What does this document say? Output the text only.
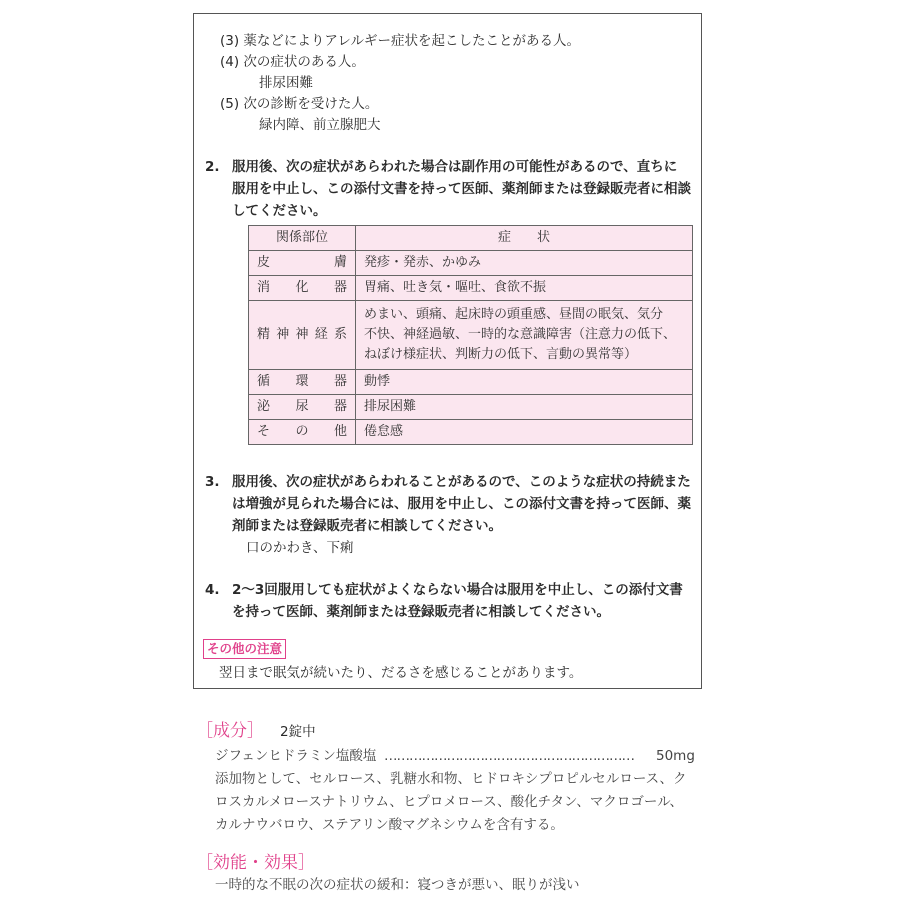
(3) 薬などによりアレルギー症状を起こしたことがある人。
(4) 次の症状のある人。
排尿困難
(5) 次の診断を受けた人。
緑内障、前立腺肥大
2. 服用後、次の症状があらわれた場合は副作用の可能性があるので、直ちに
服用を中止し、この添付文書を持って医師、薬剤師または登録販売者に相談
してください。
関係部位	症　　状
皮　　膚	発疹・発赤、かゆみ
消　化　器	胃痛、吐き気・嘔吐、食欲不振
精神神経系	めまい、頭痛、起床時の頭重感、昼間の眠気、気分
不快、神経過敏、一時的な意識障害（注意力の低下、
ねぼけ様症状、判断力の低下、言動の異常等）

循　環　器	動悸
泌　尿　器	排尿困難
そ　の　他	倦怠感
3. 服用後、次の症状があらわれることがあるので、このような症状の持続また
は増強が見られた場合には、服用を中止し、この添付文書を持って医師、薬
剤師または登録販売者に相談してください。
口のかわき、下痢
4. 2～3回服用しても症状がよくならない場合は服用を中止し、この添付文書
を持って医師、薬剤師または登録販売者に相談してください。
その他の注意
翌日まで眠気が続いたり、だるさを感じることがあります。
［成分］ 2錠中
ジフェンヒドラミン塩酸塩 ……………………………………………………	50mg
添加物として、セルロース、乳糖水和物、ヒドロキシプロピルセルロース、ク
ロスカルメロースナトリウム、ヒプロメロース、酸化チタン、マクロゴール、
カルナウバロウ、ステアリン酸マグネシウムを含有する。
［効能・効果］
一時的な不眠の次の症状の緩和：寝つきが悪い、眠りが浅い
